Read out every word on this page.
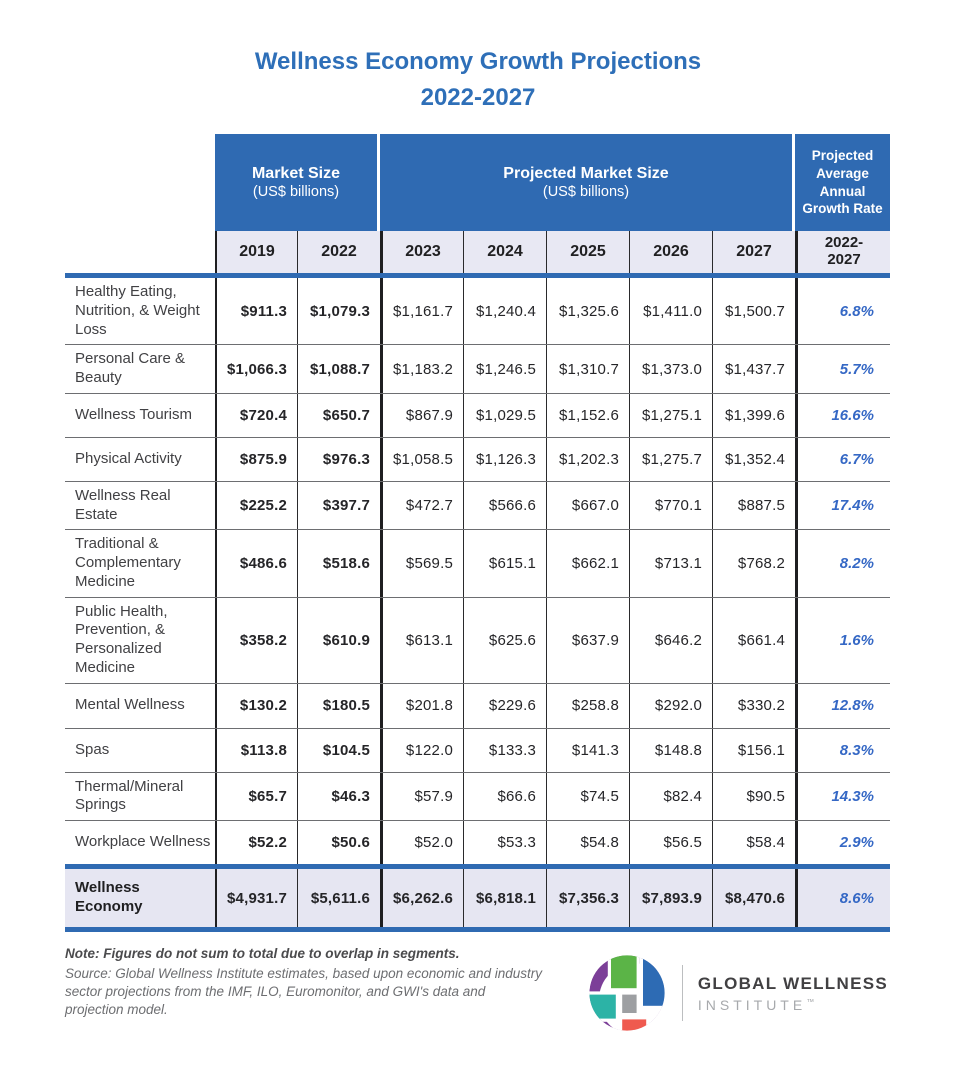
Wellness Economy Growth Projections
2022-2027
Market Size
(US$ billions)
Projected Market Size
(US$ billions)
Projected Average Annual Growth Rate
2019	2022	2023	2024	2025	2026	2027
2022-
2027
Healthy Eating, Nutrition, & Weight Loss
$911.3	$1,079.3	$1,161.7	$1,240.4	$1,325.6	$1,411.0	$1,500.7	6.8%
Personal Care & Beauty	$1,066.3	$1,088.7	$1,183.2	$1,246.5	$1,310.7	$1,373.0	$1,437.7	5.7%
Wellness Tourism	$720.4	$650.7	$867.9	$1,029.5	$1,152.6	$1,275.1	$1,399.6	16.6%
Physical Activity	$875.9	$976.3	$1,058.5	$1,126.3	$1,202.3	$1,275.7	$1,352.4	6.7%
Wellness Real Estate	$225.2	$397.7	$472.7	$566.6	$667.0	$770.1	$887.5	17.4%
Traditional & Complementary Medicine
$486.6	$518.6	$569.5	$615.1	$662.1	$713.1	$768.2	8.2%
Public Health, Prevention, & Personalized Medicine
$358.2	$610.9	$613.1	$625.6	$637.9	$646.2	$661.4	1.6%
Mental Wellness	$130.2	$180.5	$201.8	$229.6	$258.8	$292.0	$330.2	12.8%
Spas	$113.8	$104.5	$122.0	$133.3	$141.3	$148.8	$156.1	8.3%
Thermal/Mineral Springs	$65.7	$46.3	$57.9	$66.6	$74.5	$82.4	$90.5	14.3%
Workplace Wellness	$52.2	$50.6	$52.0	$53.3	$54.8	$56.5	$58.4	2.9%
Wellness Economy	$4,931.7	$5,611.6	$6,262.6	$6,818.1	$7,356.3	$7,893.9	$8,470.6	8.6%
Note: Figures do not sum to total due to overlap in segments.
Source: Global Wellness Institute estimates, based upon economic and industry sector projections from the IMF, ILO, Euromonitor, and GWI's data and projection model.
GLOBAL WELLNESS
INSTITUTE™
